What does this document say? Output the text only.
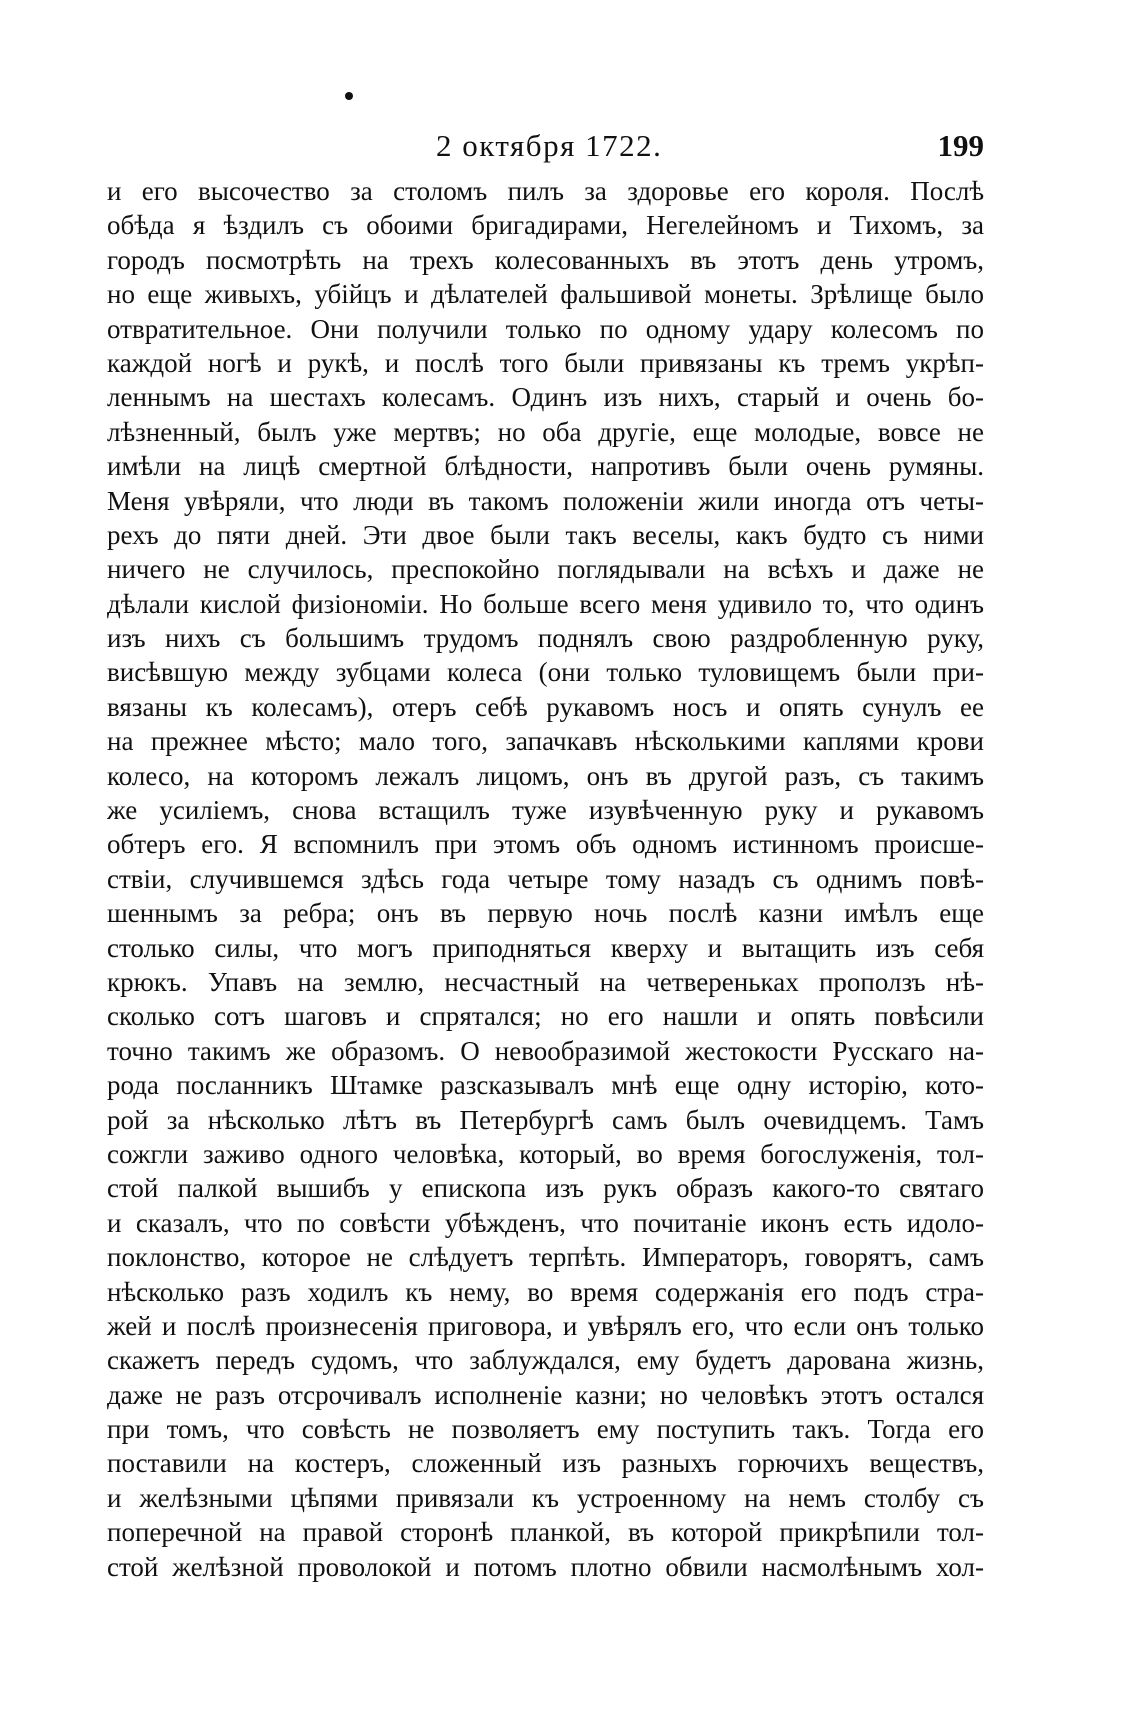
2 октября 1722.	199
и его высочество за столомъ пилъ за здоровье его короля. Послѣ
обѣда я ѣздилъ съ обоими бригадирами, Негелейномъ и Тихомъ, за
городъ посмотрѣть на трехъ колесованныхъ въ этотъ день утромъ,
но еще живыхъ, убійцъ и дѣлателей фальшивой монеты. Зрѣлище было
отвратительное. Они получили только по одному удару колесомъ по
каждой ногѣ и рукѣ, и послѣ того были привязаны къ тремъ укрѣп-
леннымъ на шестахъ колесамъ. Одинъ изъ нихъ, старый и очень бо-
лѣзненный, былъ уже мертвъ; но оба другіе, еще молодые, вовсе не
имѣли на лицѣ смертной блѣдности, напротивъ были очень румяны.
Меня увѣряли, что люди въ такомъ положеніи жили иногда отъ четы-
рехъ до пяти дней. Эти двое были такъ веселы, какъ будто съ ними
ничего не случилось, преспокойно поглядывали на всѣхъ и даже не
дѣлали кислой физіономіи. Но больше всего меня удивило то, что одинъ
изъ нихъ съ большимъ трудомъ поднялъ свою раздробленную руку,
висѣвшую между зубцами колеса (они только туловищемъ были при-
вязаны къ колесамъ), отеръ себѣ рукавомъ носъ и опять сунулъ ее
на прежнее мѣсто; мало того, запачкавъ нѣсколькими каплями крови
колесо, на которомъ лежалъ лицомъ, онъ въ другой разъ, съ такимъ
же усиліемъ, снова встащилъ туже изувѣченную руку и рукавомъ
обтеръ его. Я вспомнилъ при этомъ объ одномъ истинномъ происше-
ствіи, случившемся здѣсь года четыре тому назадъ съ однимъ повѣ-
шеннымъ за ребра; онъ въ первую ночь послѣ казни имѣлъ еще
столько силы, что могъ приподняться кверху и вытащить изъ себя
крюкъ. Упавъ на землю, несчастный на четвереньках проползъ нѣ-
сколько сотъ шаговъ и спрятался; но его нашли и опять повѣсили
точно такимъ же образомъ. О невообразимой жестокости Русскаго на-
рода посланникъ Штамке разсказывалъ мнѣ еще одну исторію, кото-
рой за нѣсколько лѣтъ въ Петербургѣ самъ былъ очевидцемъ. Тамъ
сожгли заживо одного человѣка, который, во время богослуженія, тол-
стой палкой вышибъ у епископа изъ рукъ образъ какого-то святаго
и сказалъ, что по совѣсти убѣжденъ, что почитаніе иконъ есть идоло-
поклонство, которое не слѣдуетъ терпѣть. Императоръ, говорятъ, самъ
нѣсколько разъ ходилъ къ нему, во время содержанія его подъ стра-
жей и послѣ произнесенія приговора, и увѣрялъ его, что если онъ только
скажетъ передъ судомъ, что заблуждался, ему будетъ дарована жизнь,
даже не разъ отсрочивалъ исполненіе казни; но человѣкъ этотъ остался
при томъ, что совѣсть не позволяетъ ему поступить такъ. Тогда его
поставили на костеръ, сложенный изъ разныхъ горючихъ веществъ,
и желѣзными цѣпями привязали къ устроенному на немъ столбу съ
поперечной на правой сторонѣ планкой, въ которой прикрѣпили тол-
стой желѣзной проволокой и потомъ плотно обвили насмолѣнымъ хол-
